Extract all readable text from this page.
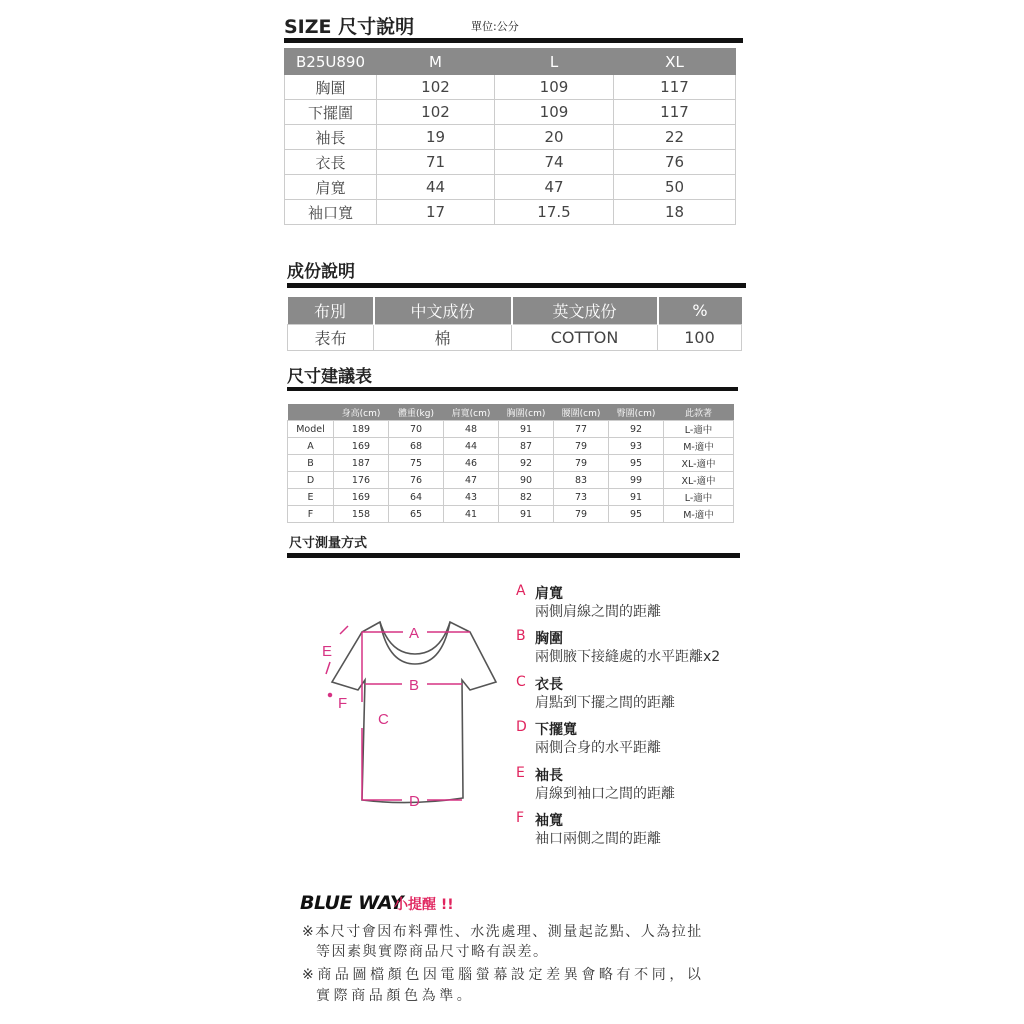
SIZE 尺寸說明	單位:公分
B25U890	M	L	XL
胸圍	102	109	117
下擺圍	102	109	117
袖長	19	20	22
衣長	71	74	76
肩寬	44	47	50
袖口寬	17	17.5	18
成份說明
布別	中文成份	英文成份	%
表布	棉	COTTON	100
尺寸建議表
	身高(cm)	體重(kg)	肩寬(cm)	胸圍(cm)	腰圍(cm)	臀圍(cm)	此款著
Model	189	70	48	91	77	92	L-適中
A	169	68	44	87	79	93	M-適中
B	187	75	46	92	79	95	XL-適中
D	176	76	47	90	83	99	XL-適中
E	169	64	43	82	73	91	L-適中
F	158	65	41	91	79	95	M-適中
尺寸測量方式
A
B
C
D
E
F
A 肩寬
兩側肩線之間的距離
B 胸圍
兩側腋下接縫處的水平距離x2
C 衣長
肩點到下擺之間的距離
D 下擺寬
兩側合身的水平距離
E 袖長
肩線到袖口之間的距離
F 袖寬
袖口兩側之間的距離
BLUE WAY
小提醒 !!
※本尺寸會因布料彈性、水洗處理、測量起訖點、人為拉扯
等因素與實際商品尺寸略有誤差。
※商品圖檔顏色因電腦螢幕設定差異會略有不同，以
實際商品顏色為準。
